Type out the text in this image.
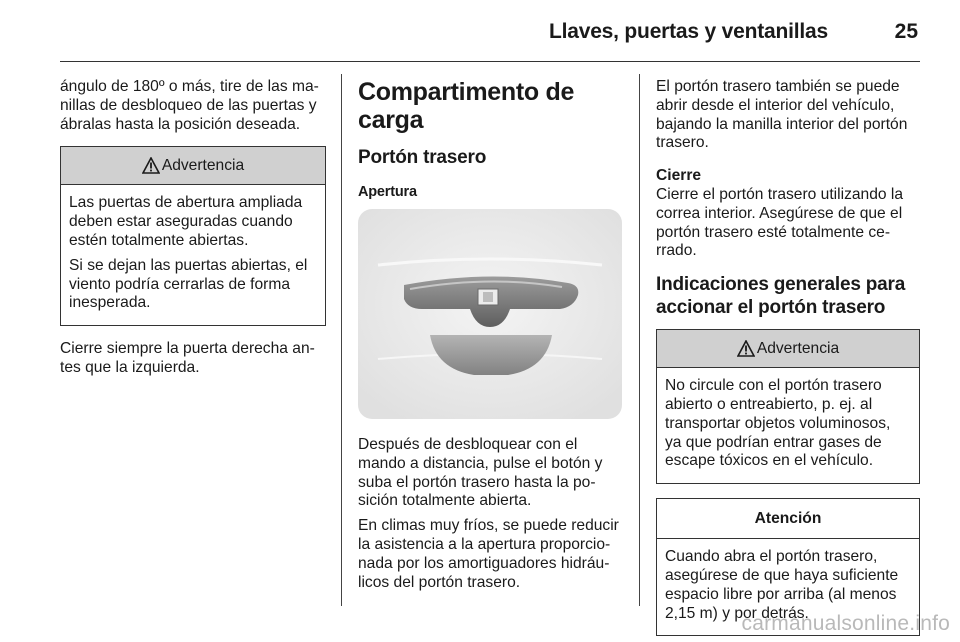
Llaves, puertas y ventanillas	25

ángulo de 180º o más, tire de las ma- nillas de desbloqueo de las puertas y ábralas hasta la posición deseada.

Advertencia

Las puertas de abertura ampliada deben estar aseguradas cuando estén totalmente abiertas.

Si se dejan las puertas abiertas, el viento podría cerrarlas de forma inesperada.

Cierre siempre la puerta derecha an- tes que la izquierda.

Compartimento de carga
Portón trasero
Apertura

Después de desbloquear con el mando a distancia, pulse el botón y suba el portón trasero hasta la po- sición totalmente abierta.

En climas muy fríos, se puede reducir la asistencia a la apertura proporcio- nada por los amortiguadores hidráu- licos del portón trasero.

El portón trasero también se puede abrir desde el interior del vehículo, bajando la manilla interior del portón trasero.

Cierre
Cierre el portón trasero utilizando la correa interior. Asegúrese de que el portón trasero esté totalmente ce- rrado.

Indicaciones generales para accionar el portón trasero
Advertencia

No circule con el portón trasero abierto o entreabierto, p. ej. al transportar objetos voluminosos, ya que podrían entrar gases de escape tóxicos en el vehículo.

Atención

Cuando abra el portón trasero, asegúrese de que haya suficiente espacio libre por arriba (al menos 2,15 m) y por detrás.

carmanualsonline.info
